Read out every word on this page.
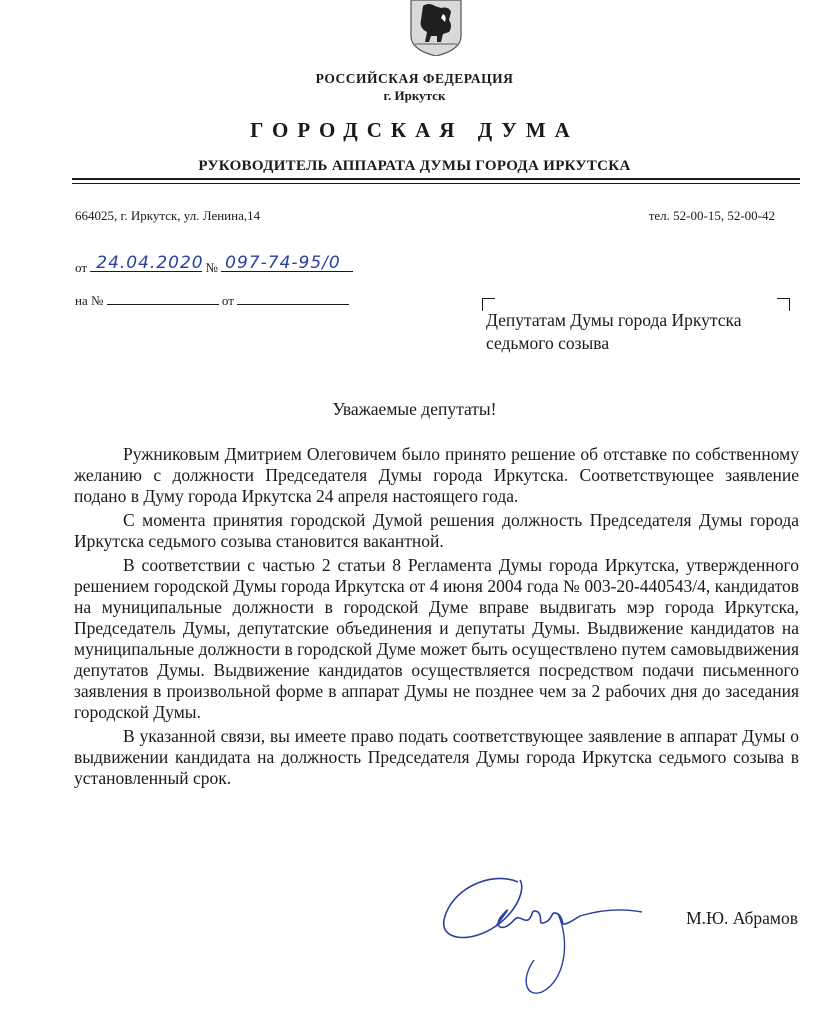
РОССИЙСКАЯ ФЕДЕРАЦИЯ
г. Иркутск
ГОРОДСКАЯ ДУМА
РУКОВОДИТЕЛЬ АППАРАТА ДУМЫ ГОРОДА ИРКУТСКА
664025, г. Иркутск, ул. Ленина,14	тел. 52-00-15, 52-00-42
от 24.04.2020 № 097-74-95/0
на №	от
Депутатам Думы города Иркутска
седьмого созыва
Уважаемые депутаты!

Ружниковым Дмитрием Олеговичем было принято решение об отставке по собственному желанию с должности Председателя Думы города Иркутска. Соответствующее заявление подано в Думу города Иркутска 24 апреля настоящего года.

С момента принятия городской Думой решения должность Председателя Думы города Иркутска седьмого созыва становится вакантной.

В соответствии с частью 2 статьи 8 Регламента Думы города Иркутска, утвержденного решением городской Думы города Иркутска от 4 июня 2004 года № 003-20-440543/4, кандидатов на муниципальные должности в городской Думе вправе выдвигать мэр города Иркутска, Председатель Думы, депутатские объединения и депутаты Думы. Выдвижение кандидатов на муниципальные должности в городской Думе может быть осуществлено путем самовыдвижения депутатов Думы. Выдвижение кандидатов осуществляется посредством подачи письменного заявления в произвольной форме в аппарат Думы не позднее чем за 2 рабочих дня до заседания городской Думы.

В указанной связи, вы имеете право подать соответствующее заявление в аппарат Думы о выдвижении кандидата на должность Председателя Думы города Иркутска седьмого созыва в установленный срок.

М.Ю. Абрамов
